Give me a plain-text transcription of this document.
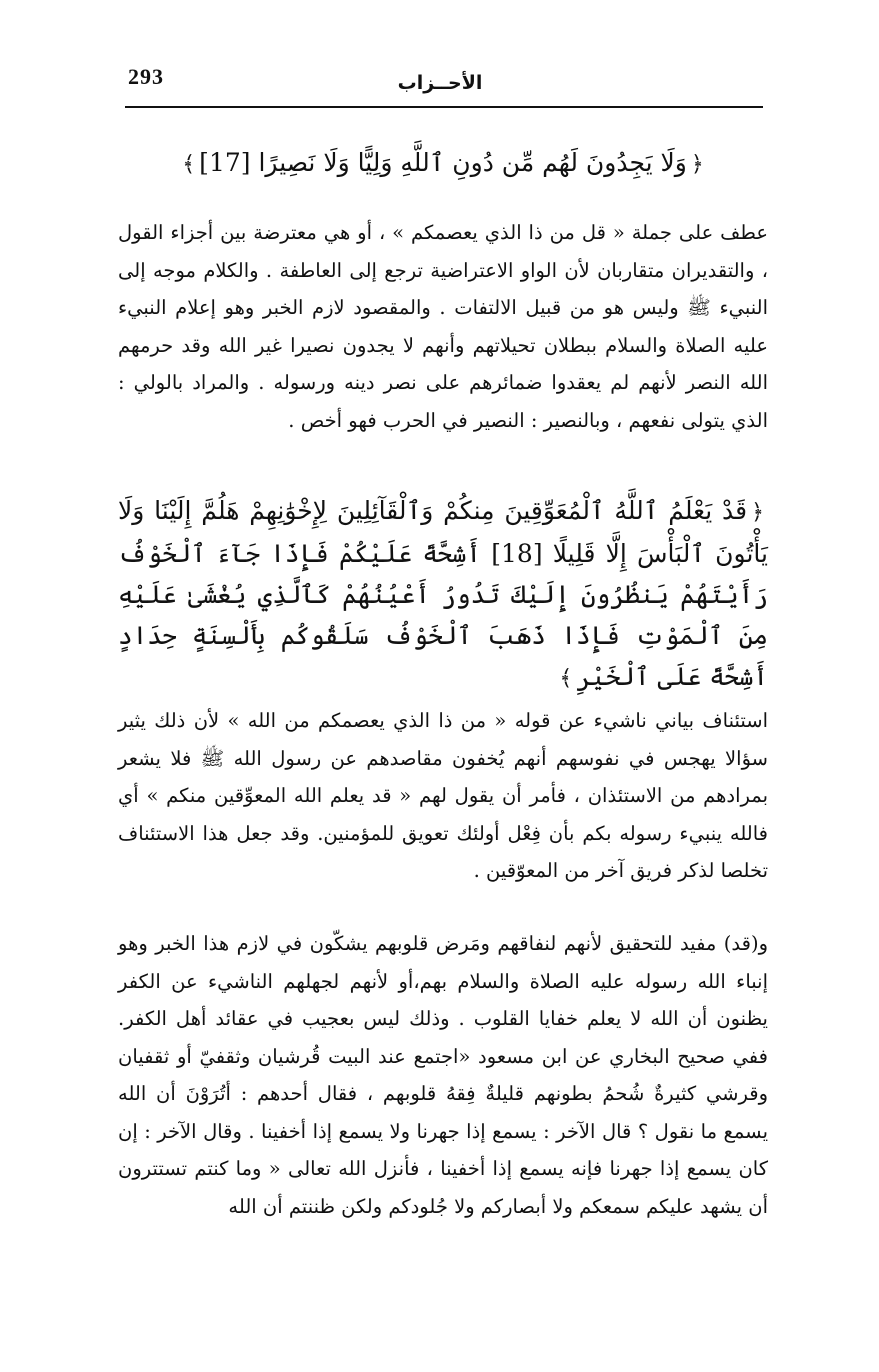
293	الأحــزاب
﴿وَلَا يَجِدُونَ لَهُم مِّن دُونِ ٱللَّهِ وَلِيًّا وَلَا نَصِيرًا [17]﴾
عطف على جملة « قل من ذا الذي يعصمكم » ، أو هي معترضة بين أجزاء القول ، والتقديران متقاربان لأن الواو الاعتراضية ترجع إلى العاطفة . والكلام موجه إلى النبيء ﷺ وليس هو من قبيل الالتفات . والمقصود لازم الخبر وهو إعلام النبيء عليه الصلاة والسلام ببطلان تحيلاتهم وأنهم لا يجدون نصيرا غير الله وقد حرمهم الله النصر لأنهم لم يعقدوا ضمائرهم على نصر دينه ورسوله . والمراد بالولي : الذي يتولى نفعهم ، وبالنصير : النصير في الحرب فهو أخص .
﴿قَدْ يَعْلَمُ ٱللَّهُ ٱلْمُعَوِّقِينَ مِنكُمْ وَٱلْقَآئِلِينَ لِإِخْوَٰنِهِمْ هَلُمَّ إِلَيْنَا وَلَا يَأْتُونَ ٱلْبَأْسَ إِلَّا قَلِيلًا [18] أَشِحَّةً عَلَيْكُمْ فَإِذَا جَآءَ ٱلْخَوْفُ رَأَيْتَهُمْ يَنظُرُونَ إِلَيْكَ تَدُورُ أَعْيُنُهُمْ كَٱلَّذِي يُغْشَىٰ عَلَيْهِ مِنَ ٱلْمَوْتِ فَإِذَا ذَهَبَ ٱلْخَوْفُ سَلَقُوكُم بِأَلْسِنَةٍ حِدَادٍ أَشِحَّةً عَلَى ٱلْخَيْرِ﴾
استئناف بياني ناشيء عن قوله « من ذا الذي يعصمكم من الله » لأن ذلك يثير سؤالا يهجس في نفوسهم أنهم يُخفون مقاصدهم عن رسول الله ﷺ فلا يشعر بمرادهم من الاستئذان ، فأمر أن يقول لهم « قد يعلم الله المعوِّقين منكم » أي فالله ينبيء رسوله بكم بأن فِعْل أولئك تعويق للمؤمنين. وقد جعل هذا الاستئناف تخلصا لذكر فريق آخر من المعوّقين .
و(قد) مفيد للتحقيق لأنهم لنفاقهم ومَرض قلوبهم يشكّون في لازم هذا الخبر وهو إنباء الله رسوله عليه الصلاة والسلام بهم،أو لأنهم لجهلهم الناشيء عن الكفر يظنون أن الله لا يعلم خفايا القلوب . وذلك ليس بعجيب في عقائد أهل الكفر. ففي صحيح البخاري عن ابن مسعود «اجتمع عند البيت قُرشيان وثقفيّ أو ثقفيان وقرشي كثيرةٌ شُحمُ بطونهم قليلةٌ فِقهُ قلوبهم ، فقال أحدهم : أتُرَوْنَ أن الله يسمع ما نقول ؟ قال الآخر : يسمع إذا جهرنا ولا يسمع إذا أخفينا . وقال الآخر : إن كان يسمع إذا جهرنا فإنه يسمع إذا أخفينا ، فأنزل الله تعالى « وما كنتم تستترون أن يشهد عليكم سمعكم ولا أبصاركم ولا جُلودكم ولكن ظننتم أن الله
